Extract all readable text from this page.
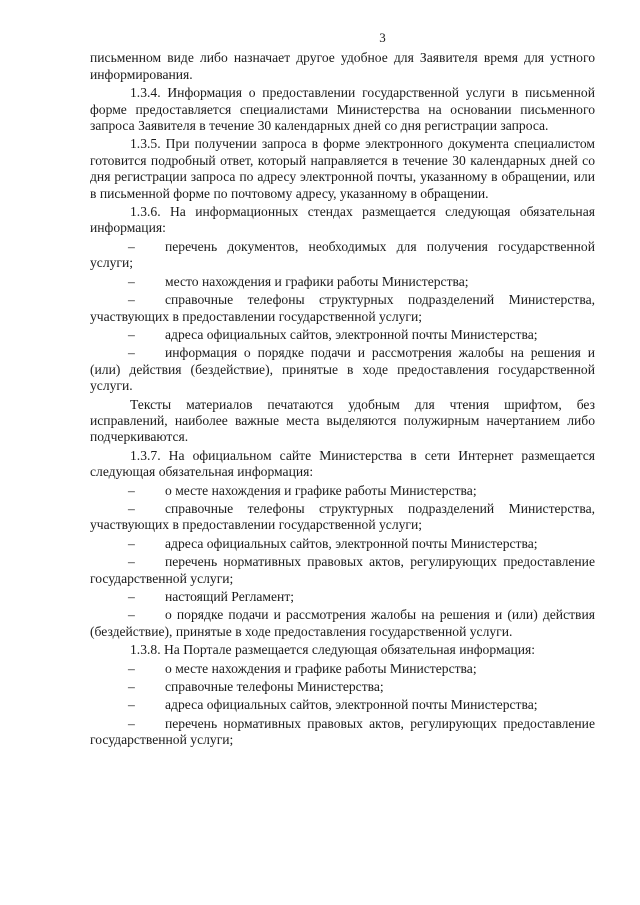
3
письменном виде либо назначает другое удобное для Заявителя время для устного информирования.
1.3.4. Информация о предоставлении государственной услуги в письменной форме предоставляется специалистами Министерства на основании письменного запроса Заявителя в течение 30 календарных дней со дня регистрации запроса.
1.3.5. При получении запроса в форме электронного документа специалистом готовится подробный ответ, который направляется в течение 30 календарных дней со дня регистрации запроса по адресу электронной почты, указанному в обращении, или в письменной форме по почтовому адресу, указанному в обращении.
1.3.6. На информационных стендах размещается следующая обязательная информация:
– перечень документов, необходимых для получения государственной услуги;
– место нахождения и графики работы Министерства;
– справочные телефоны структурных подразделений Министерства, участвующих в предоставлении государственной услуги;
– адреса официальных сайтов, электронной почты Министерства;
– информация о порядке подачи и рассмотрения жалобы на решения и (или) действия (бездействие), принятые в ходе предоставления государственной услуги.
Тексты материалов печатаются удобным для чтения шрифтом, без исправлений, наиболее важные места выделяются полужирным начертанием либо подчеркиваются.
1.3.7. На официальном сайте Министерства в сети Интернет размещается следующая обязательная информация:
– о месте нахождения и графике работы Министерства;
– справочные телефоны структурных подразделений Министерства, участвующих в предоставлении государственной услуги;
– адреса официальных сайтов, электронной почты Министерства;
– перечень нормативных правовых актов, регулирующих предоставление государственной услуги;
– настоящий Регламент;
– о порядке подачи и рассмотрения жалобы на решения и (или) действия (бездействие), принятые в ходе предоставления государственной услуги.
1.3.8. На Портале размещается следующая обязательная информация:
– о месте нахождения и графике работы Министерства;
– справочные телефоны Министерства;
– адреса официальных сайтов, электронной почты Министерства;
– перечень нормативных правовых актов, регулирующих предоставление государственной услуги;
